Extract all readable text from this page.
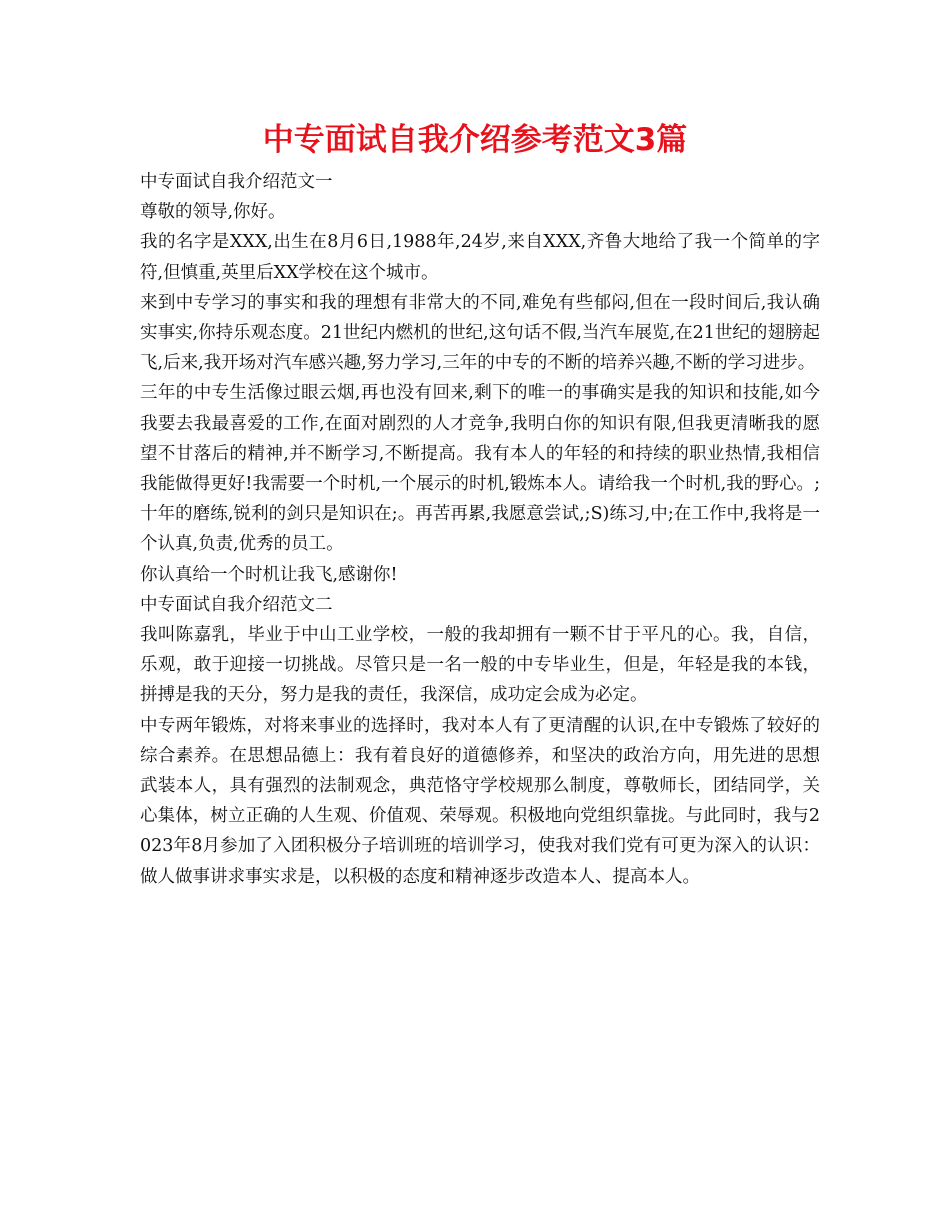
中专面试自我介绍参考范文3篇

中专面试自我介绍范文一

尊敬的领导,你好。

我的名字是XXX,出生在8月6日,1988年,24岁,来自XXX,齐鲁大地给了我一个简单的字符,但慎重,英里后XX学校在这个城市。

来到中专学习的事实和我的理想有非常大的不同,难免有些郁闷,但在一段时间后,我认确实事实,你持乐观态度。21世纪内燃机的世纪,这句话不假,当汽车展览,在21世纪的翅膀起飞,后来,我开场对汽车感兴趣,努力学习,三年的中专的不断的培养兴趣,不断的学习进步。

三年的中专生活像过眼云烟,再也没有回来,剩下的唯一的事确实是我的知识和技能,如今我要去我最喜爱的工作,在面对剧烈的人才竞争,我明白你的知识有限,但我更清晰我的愿望不甘落后的精神,并不断学习,不断提高。我有本人的年轻的和持续的职业热情,我相信我能做得更好!我需要一个时机,一个展示的时机,锻炼本人。请给我一个时机,我的野心。;十年的磨练,锐利的剑只是知识在;。再苦再累,我愿意尝试,;S)练习,中;在工作中,我将是一个认真,负责,优秀的员工。

你认真给一个时机让我飞,感谢你!

中专面试自我介绍范文二

我叫陈嘉乳，毕业于中山工业学校，一般的我却拥有一颗不甘于平凡的心。我，自信，乐观，敢于迎接一切挑战。尽管只是一名一般的中专毕业生，但是，年轻是我的本钱，拼搏是我的天分，努力是我的责任，我深信，成功定会成为必定。

中专两年锻炼，对将来事业的选择时，我对本人有了更清醒的认识,在中专锻炼了较好的综合素养。在思想品德上：我有着良好的道德修养，和坚决的政治方向，用先进的思想武装本人，具有强烈的法制观念，典范恪守学校规那么制度，尊敬师长，团结同学，关心集体，树立正确的人生观、价值观、荣辱观。积极地向党组织靠拢。与此同时，我与2023年8月参加了入团积极分子培训班的培训学习，使我对我们党有可更为深入的认识：做人做事讲求事实求是，以积极的态度和精神逐步改造本人、提高本人。
